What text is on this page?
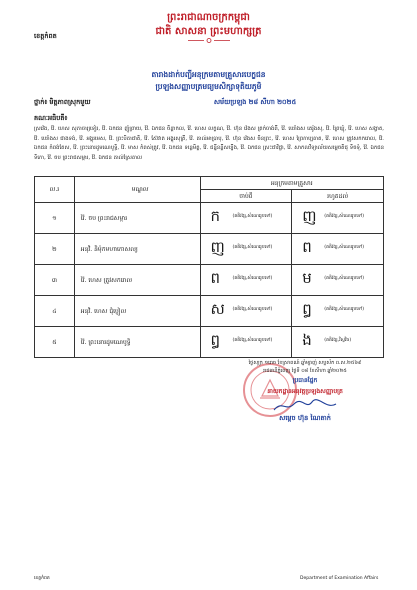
ព្រះរាជាណាចក្រកម្ពុជា
ជាតិ សាសនា ព្រះមហាក្សត្រ
ខេត្តកំពត
តារាងដាក់បញ្ជីអនុក្រមតាមគ្រួសារបេក្ខជន
ប្រឡងសញ្ញាបត្រមធ្យមសិក្សាទុតិយភូមិ
ថ្នាក់៖ មិត្តភាពស្រុកមួយ	សម័យប្រឡង ២៨ សីហា ២០២៥
គណៈអធិបតី៖
ស្រវ៉េង, វ៉ៃ. ហេស សុភាចារ្យទៀរ, វ៉ៃ. ឯកជន ញ៉ូព្រាយ, វ៉ៃ. ឯកជន ចិន្តាកល, វ៉ៃ. ហេស លក្ខណ, វ៉ៃ. ហ៊ុន វ៉េងស ត្រក់ចាង់ពី, វ៉ៃ. បេរាំងស គេរ៉ូងសុ, វ៉ៃ. ព្រៃឃ្មុំ, វ៉ៃ. ហេស សង្វាត, វ៉ៃ. បេរាំងស ជាងទង់, វ៉ៃ. អង្គុរមេស, វ៉ៃ. ព្រះបិតាជាតិ, វ៉ៃ. ស៊ែវាត អង្គុរសុគ្រី, វ៉ៃ. គាល់អាប្រាបុ, វ៉ៃ. ហ៊ុន វ៉េងស ចិនព្រះ, វ៉ៃ. ហេស ព្រៃកាប្បតាត, វ៉ៃ. ហេស ត្រូវសកករោល, វ៉ៃ. ឯកជន កំពង់តែស, វ៉ៃ. ព្រះនោរដូមណេបូទ្ធិ, វ៉ៃ. មាស កំពស់ត្រូវ, វ៉ៃ. ឯកជន ទន្លេមិត្ត, វ៉ៃ. ជន្នីនន្តីសប្បីង, វ៉ៃ. ឯកជន ស្រះជាវិជ្ជា, វ៉ៃ. សាកលវិទ្យាល័យសម្ដេចតិជុ ទិចទុំ, វ៉ៃ. ឯកជន ទិកោ, វ៉ៃ. ចប ព្រះរាជសម្ការ, វ៉ៃ. ឯកជន គាល់ស្រែគាល
ល.រ	មណ្ឌល	អនុក្រមតាមគ្រួសារ	
		ចាប់ពី	រហូតដល់
១	វ៉ៃ. ចប ព្រះរាជសម្ការ	ក (គតិវង្ស,សំណេររូបទៅ)	ញ (គតិវង្ស,សំណេររូបទៅ)

២	អនុវិ. និម៉ុកមហាកោសល្យ	ញ (គតិវង្ស,សំណេររូបទៅ)	ព (គតិវង្ស,សំណេររូបទៅ)

៣	វ៉ៃ. ហេស ត្រូវសករោល	ព (គតិវង្ស,សំណេររូបទៅ)	ម (គតិវង្ស,សំណេររូបទៅ)

៤	អនុវិ. ហេស ជុំប្ញៀល	ស (គតិវង្ស,សំណេររូបទៅ)	ឰ (គតិវង្ស,សំណេររូបទៅ)

៥	វ៉ៃ. ព្រះនោរដូមណេបូទ្ធិ	ឰ (គតិវង្ស,សំណេររូបទៅ)	ង (គតិវង្ស,វិស្វវិធ)
ថ្ងៃសុក្រ ១រោច ខែស្រាពណ៍ ឆ្នាំម្សាញ់ សប្តស័ក ព.ស.២៥៦៩
រាជធានីភ្នំពេញ ថ្ងៃទី ០៨ ខែសីហា ឆ្នាំ២០២៥
ប្រធានផ្នែក
នាយកដ្ឋានអនុវត្តប្រឡងសញ្ញាបត្រ
សម្ដេច ហ៊ុន ណៃតាក់
ខេត្តកំពត	Department of Examination Affairs
